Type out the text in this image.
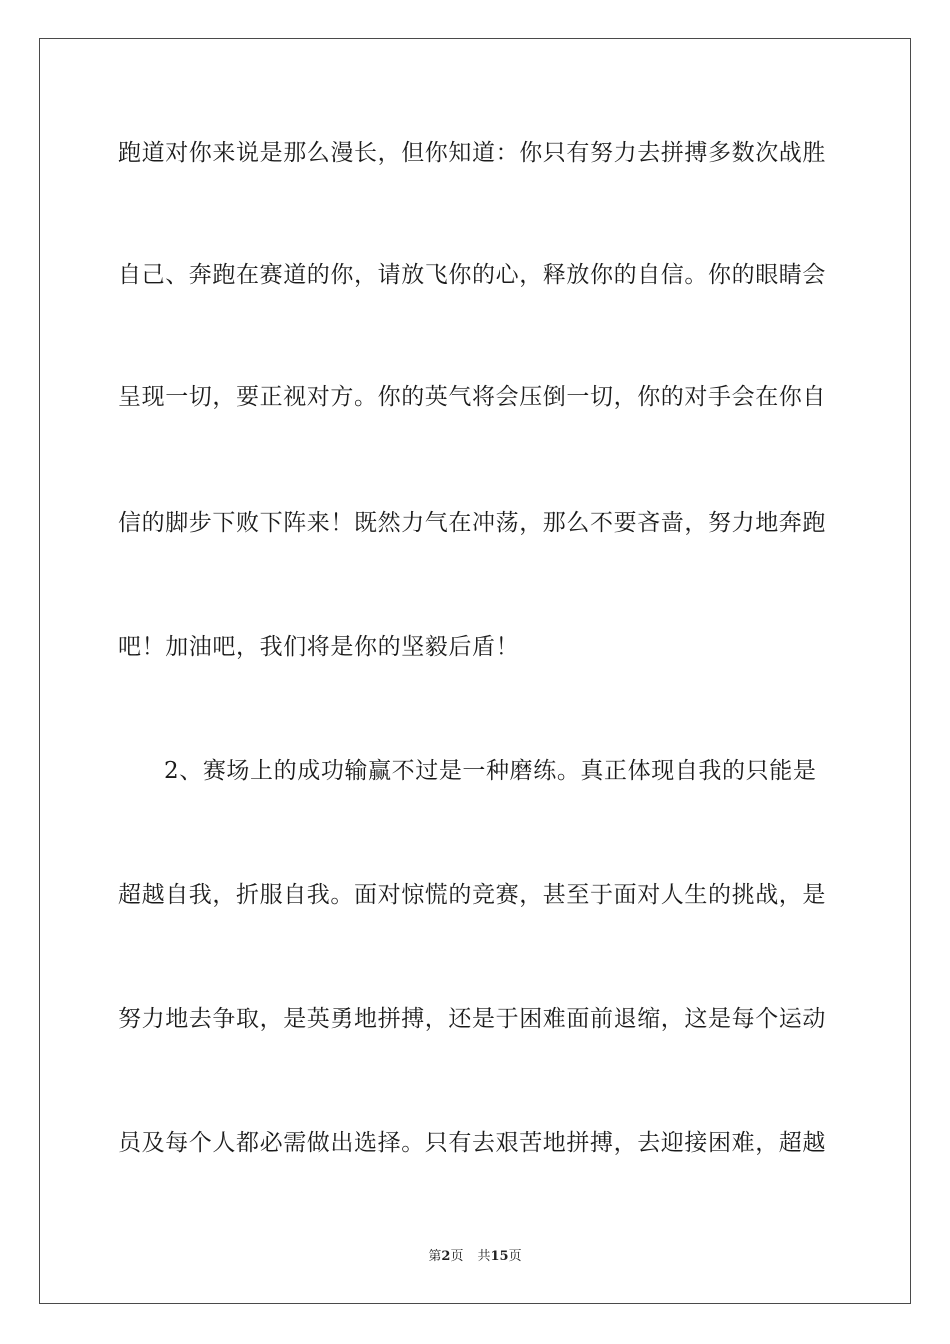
跑道对你来说是那么漫长，但你知道：你只有努力去拼搏多数次战胜
自己、奔跑在赛道的你，请放飞你的心，释放你的自信。你的眼睛会
呈现一切，要正视对方。你的英气将会压倒一切，你的对手会在你自
信的脚步下败下阵来！既然力气在冲荡，那么不要吝啬，努力地奔跑
吧！加油吧，我们将是你的坚毅后盾！
2、赛场上的成功输赢不过是一种磨练。真正体现自我的只能是
超越自我，折服自我。面对惊慌的竞赛，甚至于面对人生的挑战，是
努力地去争取，是英勇地拼搏，还是于困难面前退缩，这是每个运动
员及每个人都必需做出选择。只有去艰苦地拼搏，去迎接困难，超越
第2页 共15页
